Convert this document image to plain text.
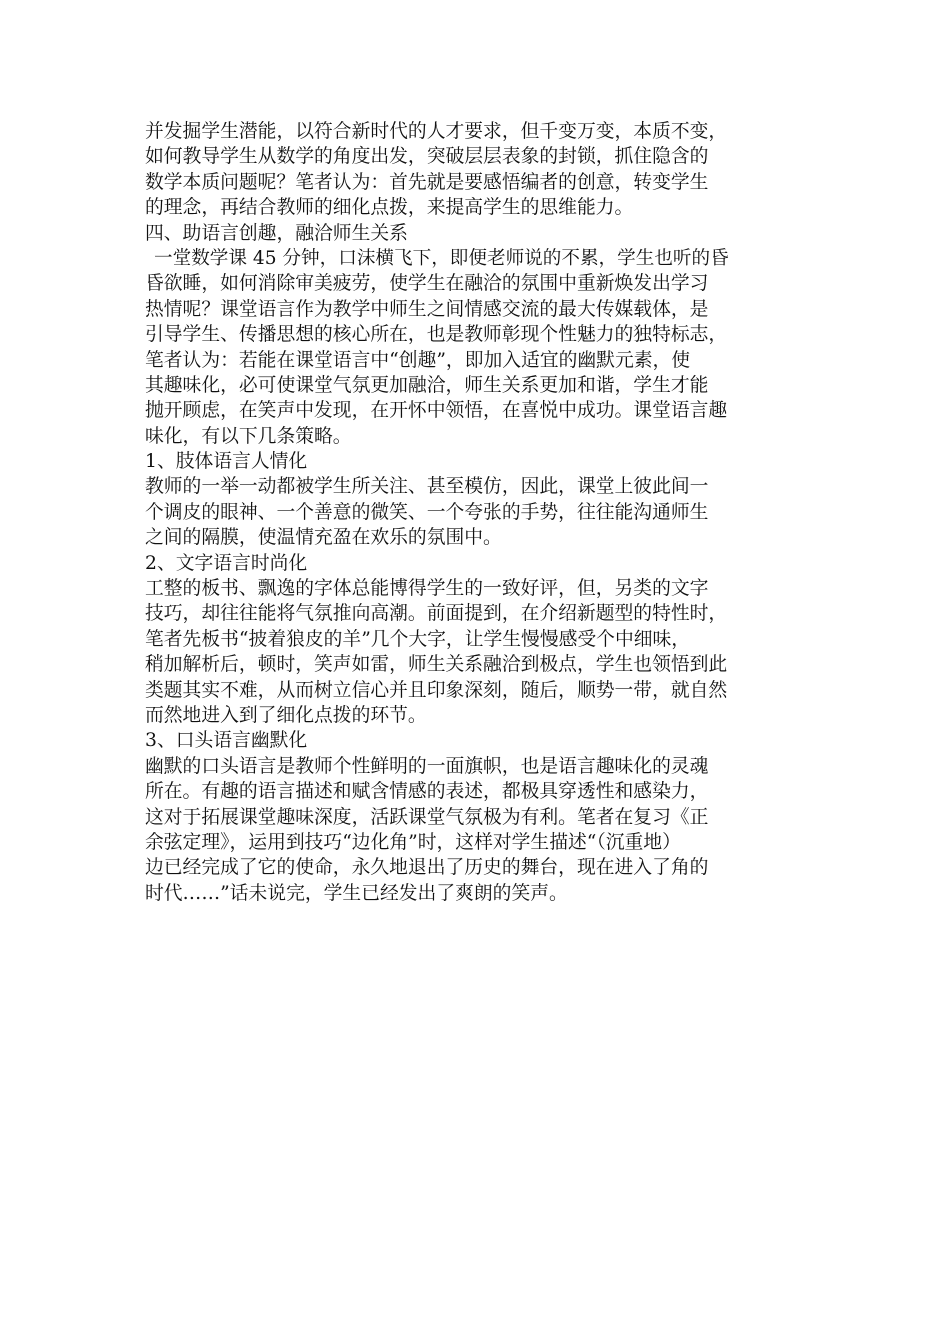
并发掘学生潜能，以符合新时代的人才要求，但千变万变，本质不变，
如何教导学生从数学的角度出发，突破层层表象的封锁，抓住隐含的
数学本质问题呢？笔者认为：首先就是要感悟编者的创意，转变学生
的理念，再结合教师的细化点拨，来提高学生的思维能力。
四、助语言创趣，融洽师生关系
一堂数学课 45 分钟，口沫横飞下，即便老师说的不累，学生也听的昏
昏欲睡，如何消除审美疲劳，使学生在融洽的氛围中重新焕发出学习
热情呢？课堂语言作为教学中师生之间情感交流的最大传媒载体，是
引导学生、传播思想的核心所在，也是教师彰现个性魅力的独特标志，
笔者认为：若能在课堂语言中“创趣”，即加入适宜的幽默元素，使
其趣味化，必可使课堂气氛更加融洽，师生关系更加和谐，学生才能
抛开顾虑，在笑声中发现，在开怀中领悟，在喜悦中成功。课堂语言趣
味化，有以下几条策略。
1、肢体语言人情化
教师的一举一动都被学生所关注、甚至模仿，因此，课堂上彼此间一
个调皮的眼神、一个善意的微笑、一个夸张的手势，往往能沟通师生
之间的隔膜，使温情充盈在欢乐的氛围中。
2、文字语言时尚化
工整的板书、飘逸的字体总能博得学生的一致好评，但，另类的文字
技巧，却往往能将气氛推向高潮。前面提到，在介绍新题型的特性时，
笔者先板书“披着狼皮的羊”几个大字，让学生慢慢感受个中细味，
稍加解析后，顿时，笑声如雷，师生关系融洽到极点，学生也领悟到此
类题其实不难，从而树立信心并且印象深刻，随后，顺势一带，就自然
而然地进入到了细化点拨的环节。
3、口头语言幽默化
幽默的口头语言是教师个性鲜明的一面旗帜，也是语言趣味化的灵魂
所在。有趣的语言描述和赋含情感的表述，都极具穿透性和感染力，
这对于拓展课堂趣味深度，活跃课堂气氛极为有利。笔者在复习《正
余弦定理》，运用到技巧“边化角”时，这样对学生描述“（沉重地）
边已经完成了它的使命，永久地退出了历史的舞台，现在进入了角的
时代……”话未说完，学生已经发出了爽朗的笑声。
